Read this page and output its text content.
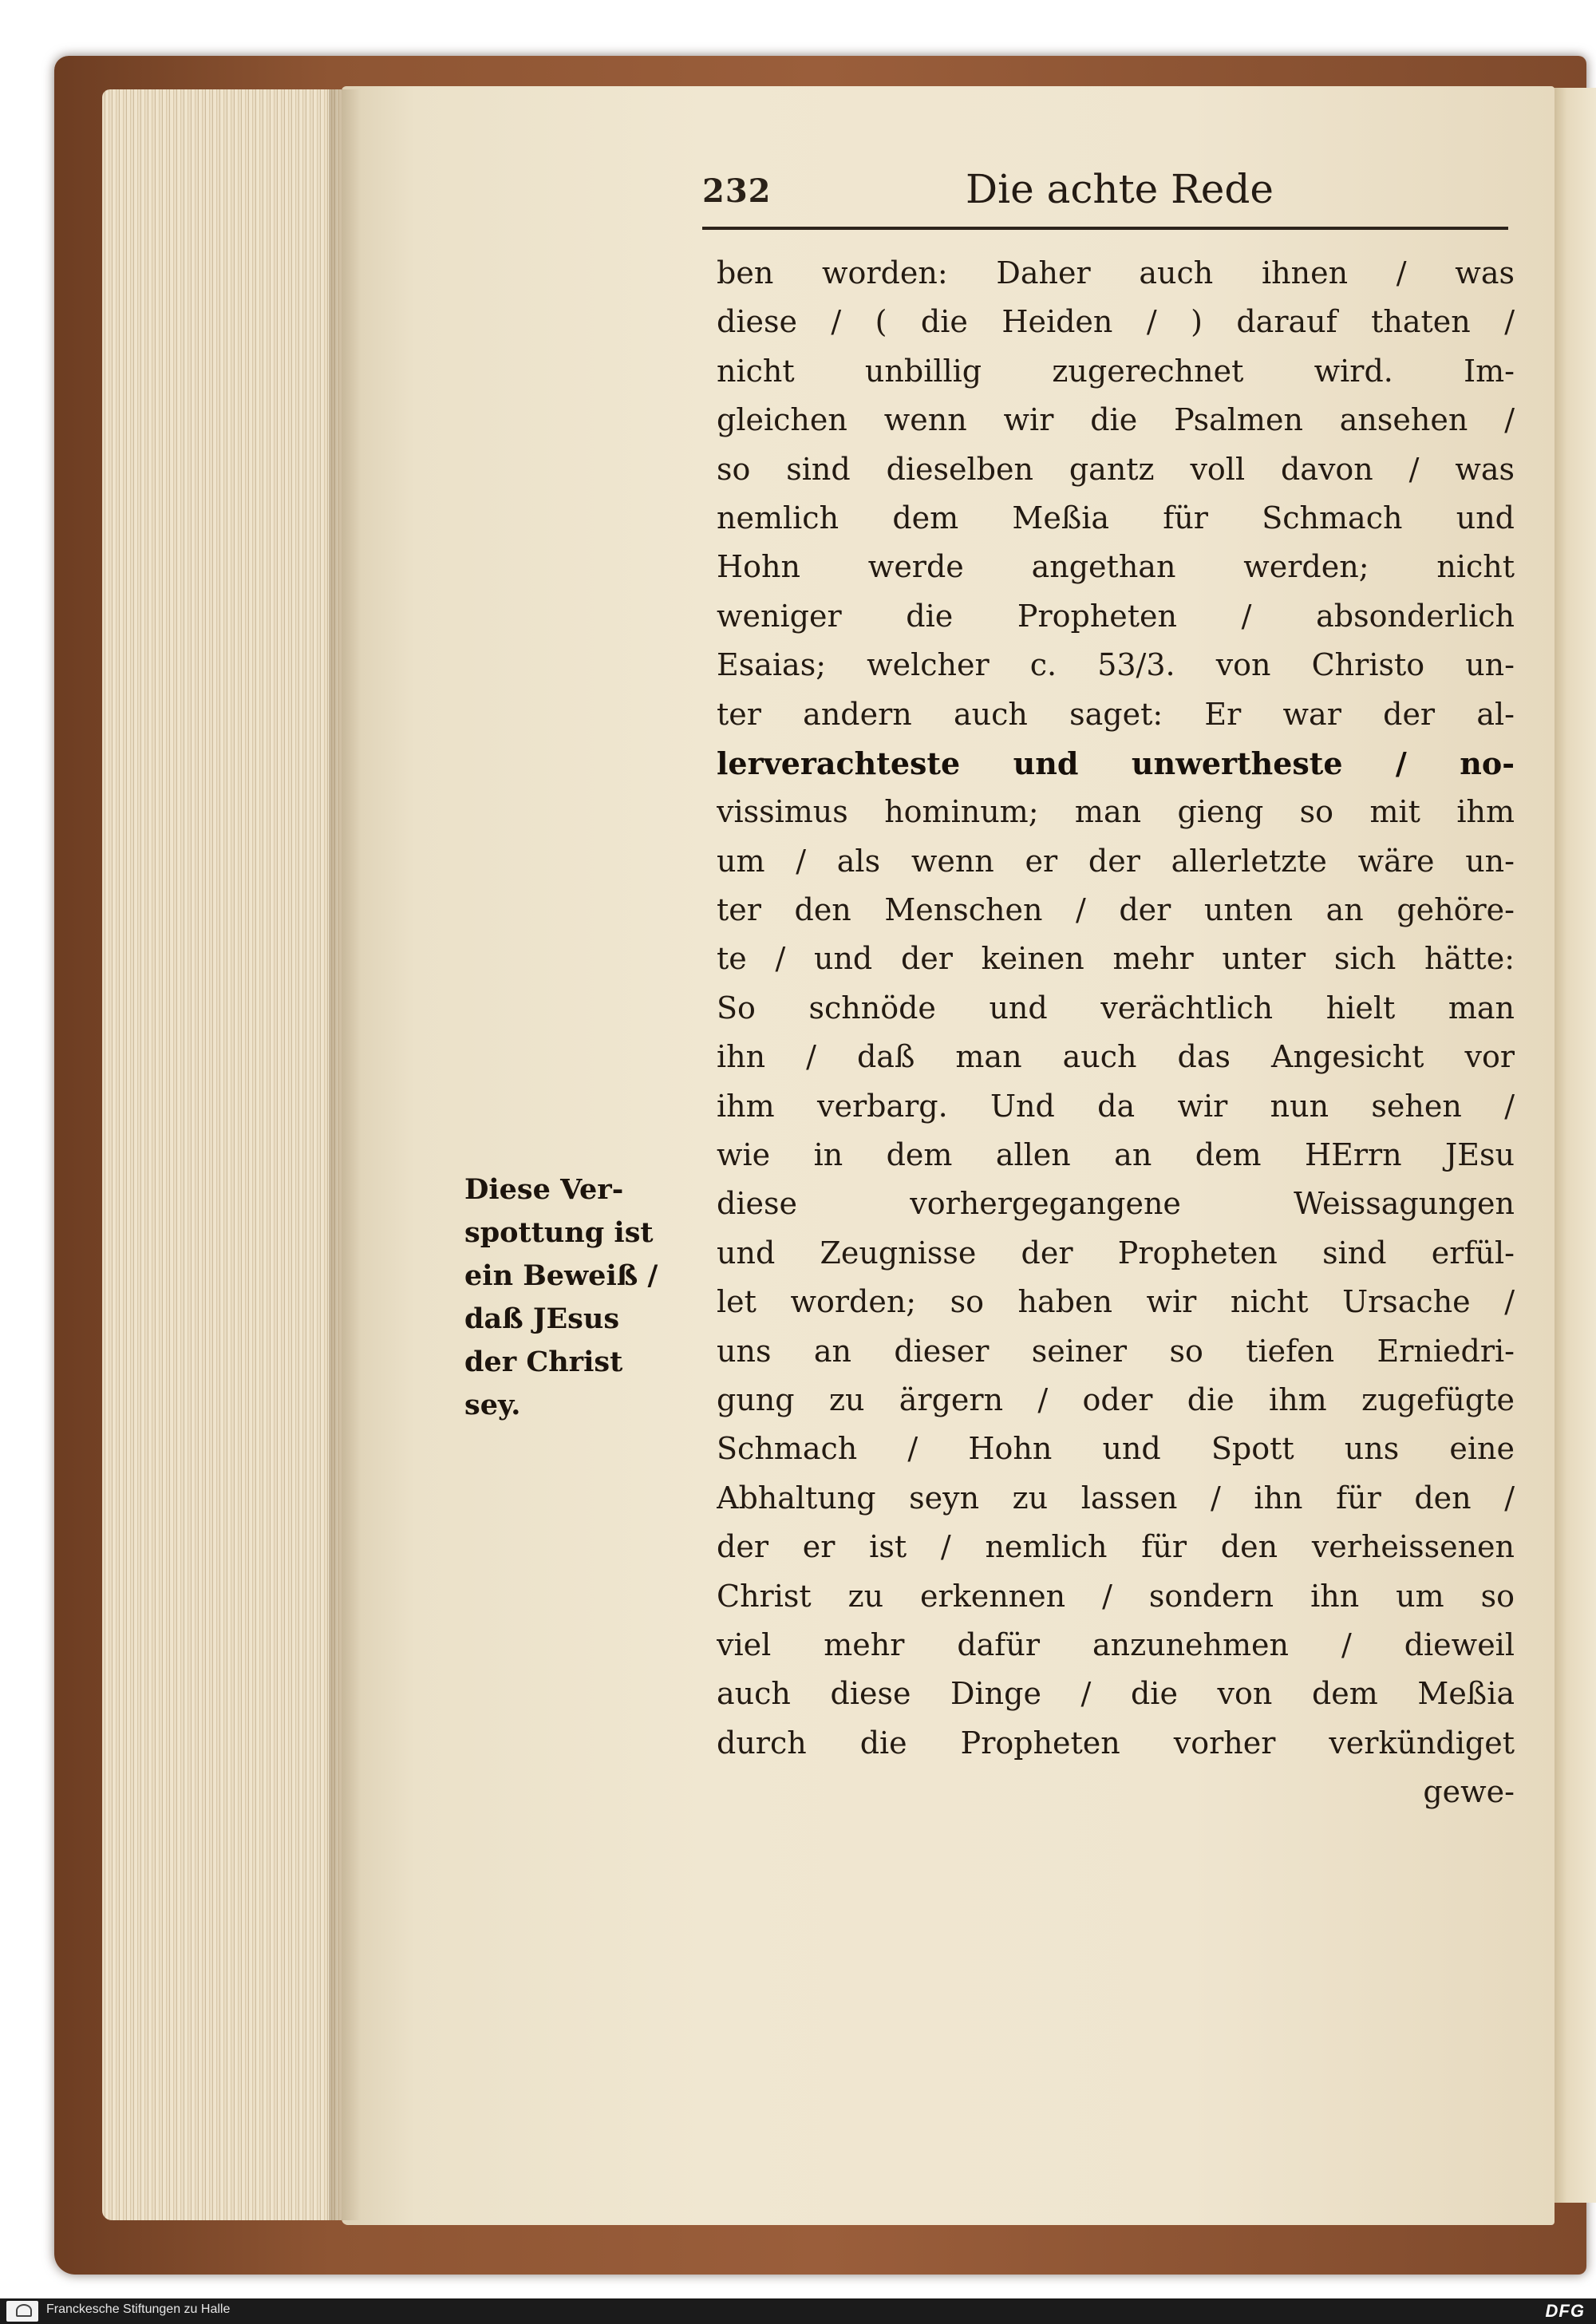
232	Die achte Rede
ben worden: Daher auch ihnen / was
diese / ( die Heiden / ) darauf thaten /
nicht unbillig zugerechnet wird. Im-
gleichen wenn wir die Psalmen ansehen /
so sind dieselben gantz voll davon / was
nemlich dem Meßia für Schmach und
Hohn werde angethan werden; nicht
weniger die Propheten / absonderlich
Esaias; welcher c. 53/3. von Christo un-
ter andern auch saget: Er war der al-
lerverachteste und unwertheste / no-
vissimus hominum; man gieng so mit ihm
um / als wenn er der allerletzte wäre un-
ter den Menschen / der unten an gehöre-
te / und der keinen mehr unter sich hätte:
So schnöde und verächtlich hielt man
ihn / daß man auch das Angesicht vor
ihm verbarg. Und da wir nun sehen /
wie in dem allen an dem HErrn JEsu
diese vorhergegangene Weissagungen
und Zeugnisse der Propheten sind erfül-
let worden; so haben wir nicht Ursache /
uns an dieser seiner so tiefen Erniedri-
gung zu ärgern / oder die ihm zugefügte
Schmach / Hohn und Spott uns eine
Abhaltung seyn zu lassen / ihn für den /
der er ist / nemlich für den verheissenen
Christ zu erkennen / sondern ihn um so
viel mehr dafür anzunehmen / dieweil
auch diese Dinge / die von dem Meßia
durch die Propheten vorher verkündiget
gewe-
Diese Ver-
spottung ist
ein Beweiß /
daß JEsus
der Christ
sey.
Franckesche Stiftungen zu Halle	DFG
